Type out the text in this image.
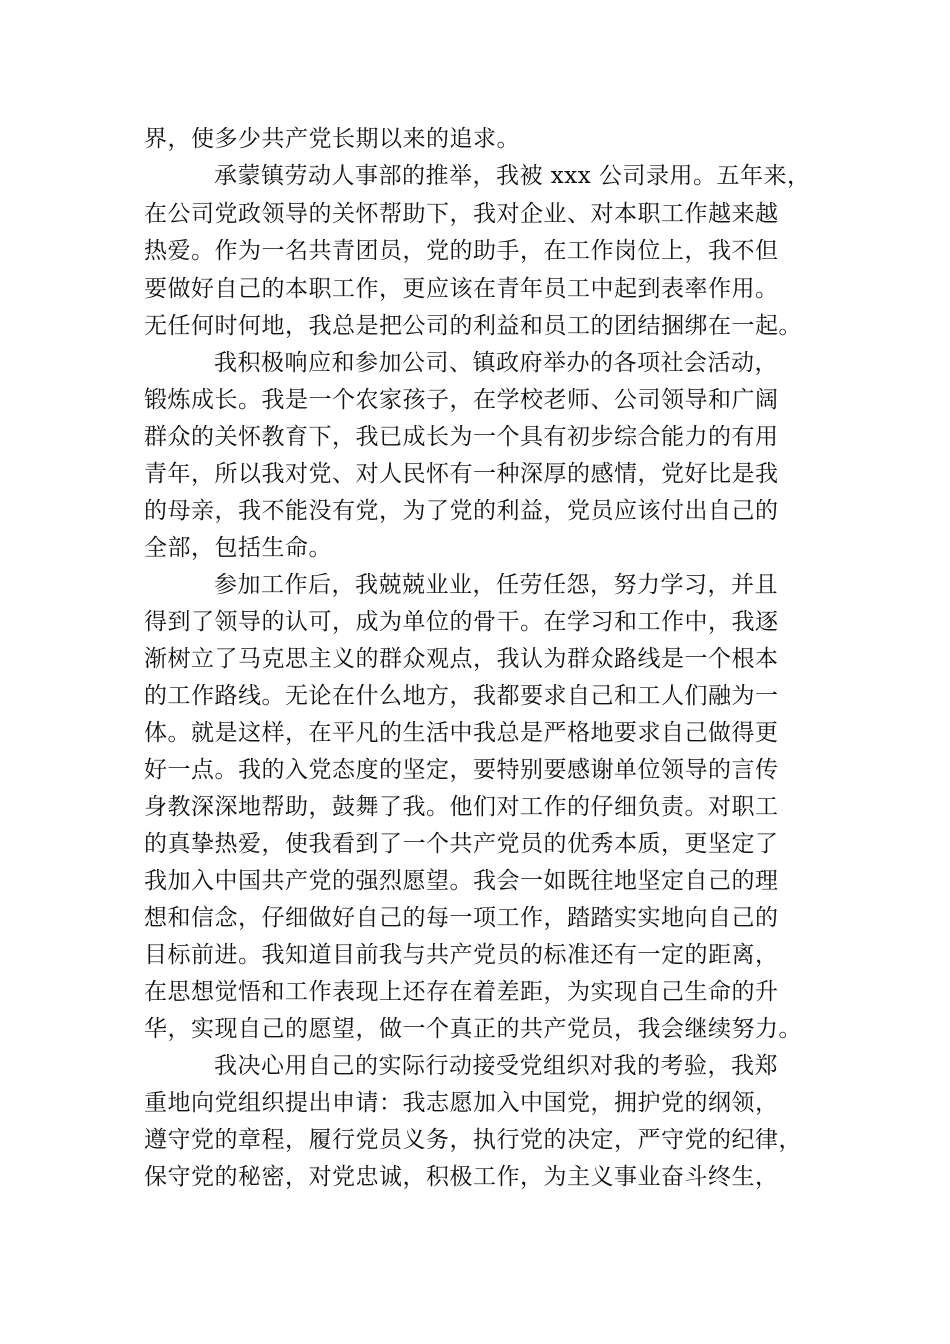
界，使多少共产党长期以来的追求。
承蒙镇劳动人事部的推举，我被 xxx 公司录用。五年来，
在公司党政领导的关怀帮助下，我对企业、对本职工作越来越
热爱。作为一名共青团员，党的助手，在工作岗位上，我不但
要做好自己的本职工作，更应该在青年员工中起到表率作用。
无任何时何地，我总是把公司的利益和员工的团结捆绑在一起。
我积极响应和参加公司、镇政府举办的各项社会活动，
锻炼成长。我是一个农家孩子，在学校老师、公司领导和广阔
群众的关怀教育下，我已成长为一个具有初步综合能力的有用
青年，所以我对党、对人民怀有一种深厚的感情，党好比是我
的母亲，我不能没有党，为了党的利益，党员应该付出自己的
全部，包括生命。
参加工作后，我兢兢业业，任劳任怨，努力学习，并且
得到了领导的认可，成为单位的骨干。在学习和工作中，我逐
渐树立了马克思主义的群众观点，我认为群众路线是一个根本
的工作路线。无论在什么地方，我都要求自己和工人们融为一
体。就是这样，在平凡的生活中我总是严格地要求自己做得更
好一点。我的入党态度的坚定，要特别要感谢单位领导的言传
身教深深地帮助，鼓舞了我。他们对工作的仔细负责。对职工
的真挚热爱，使我看到了一个共产党员的优秀本质，更坚定了
我加入中国共产党的强烈愿望。我会一如既往地坚定自己的理
想和信念，仔细做好自己的每一项工作，踏踏实实地向自己的
目标前进。我知道目前我与共产党员的标准还有一定的距离，
在思想觉悟和工作表现上还存在着差距，为实现自己生命的升
华，实现自己的愿望，做一个真正的共产党员，我会继续努力。
我决心用自己的实际行动接受党组织对我的考验，我郑
重地向党组织提出申请：我志愿加入中国党，拥护党的纲领，
遵守党的章程，履行党员义务，执行党的决定，严守党的纪律，
保守党的秘密，对党忠诚，积极工作，为主义事业奋斗终生，
